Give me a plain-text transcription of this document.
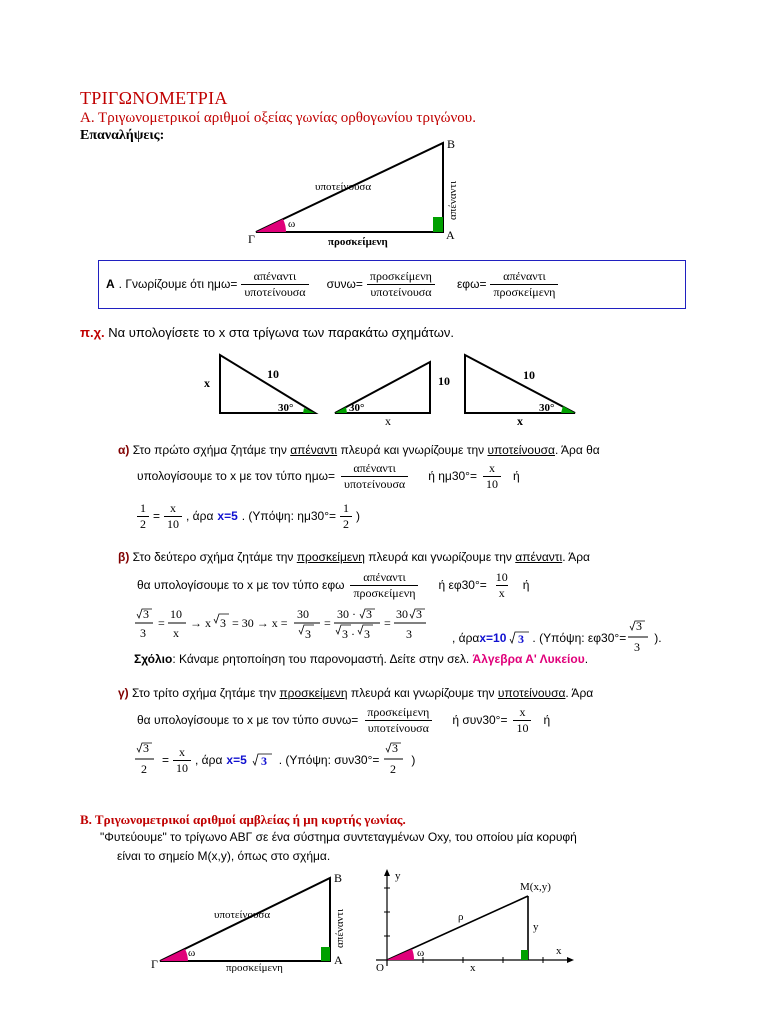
ΤΡΙΓΩΝΟΜΕΤΡΙΑ
Α. Τριγωνομετρικοί αριθμοί οξείας γωνίας ορθογωνίου τριγώνου.
Επαναλήψεις:
Β
Α
Γ
ω
υποτείνουσα
προσκείμενη
απέναντι
Α . Γνωρίζουμε ότι $\eta\mu\omega= \frac{\text{απέναντι}}{\text{υποτείνουσα}} \sigma\upsilon\nu\omega= \frac{\text{προσκείμενη}}{\text{υποτείνουσα}} \varepsilon\varphi\omega= \frac{\text{απέναντι}}{\text{προσκείμενη}}$
π.χ. Να υπολογίσετε το x στα τρίγωνα των παρακάτω σχημάτων.
x
10
30°	30°
10
x
10
30°
x
α) Στο πρώτο σχήμα ζητάμε την απέναντι πλευρά και γνωρίζουμε την υποτείνουσα. Άρα θα
υπολογίσουμε το x με τον τύπο $\eta\mu\omega= \frac{\text{απέναντι}}{\text{υποτείνουσα}}$ ή $\eta\mu 30^\circ= \frac{x}{10}$ ή
$\frac{1}{2} = \frac{x}{10}$ , άρα x=5 . (Υπόψη: $\eta\mu 30^\circ= \frac{1}{2}$ )
β) Στο δεύτερο σχήμα ζητάμε την προσκείμενη πλευρά και γνωρίζουμε την απέναντι. Άρα
θα υπολογίσουμε το x με τον τύπο εφω $\frac{\text{απέναντι}}{\text{προσκείμενη}}$ ή $\varepsilon\varphi 30^\circ= \frac{10}{x}$ ή
3
3
=
10
x
→ x 3 = 30 → x =
30
3
=
30 · 3
3 · 3
=
30 3
3	, άρα x=10 3 . (Υπόψη: εφ30°=
3
3
).
Σχόλιο: Κάναμε ρητοποίηση του παρονομαστή. Δείτε στην σελ. Άλγεβρα Α' Λυκείου.
γ) Στο τρίτο σχήμα ζητάμε την προσκείμενη πλευρά και γνωρίζουμε την υποτείνουσα. Άρα
θα υπολογίσουμε το x με τον τύπο $\sigma\upsilon\nu\omega= \frac{\text{προσκείμενη}}{\text{υποτείνουσα}}$ ή $\sigma\upsilon\nu 30^\circ= \frac{x}{10}$ ή
3
2
= $\frac{x}{10}$ , άρα x=5 3 . (Υπόψη: συν30°=
3
2
)
Β. Τριγωνομετρικοί αριθμοί αμβλείας ή μη κυρτής γωνίας.
"Φυτεύουμε" το τρίγωνο ΑΒΓ σε ένα σύστημα συντεταγμένων Oxy, του οποίου μία κορυφή
είναι το σημείο Μ(x,y), όπως στο σχήμα.
Β
Α
Γ
ω
υποτείνουσα
προσκείμενη
απέναντι
y
x
O
M(x,y)
ρ
y
x
ω
